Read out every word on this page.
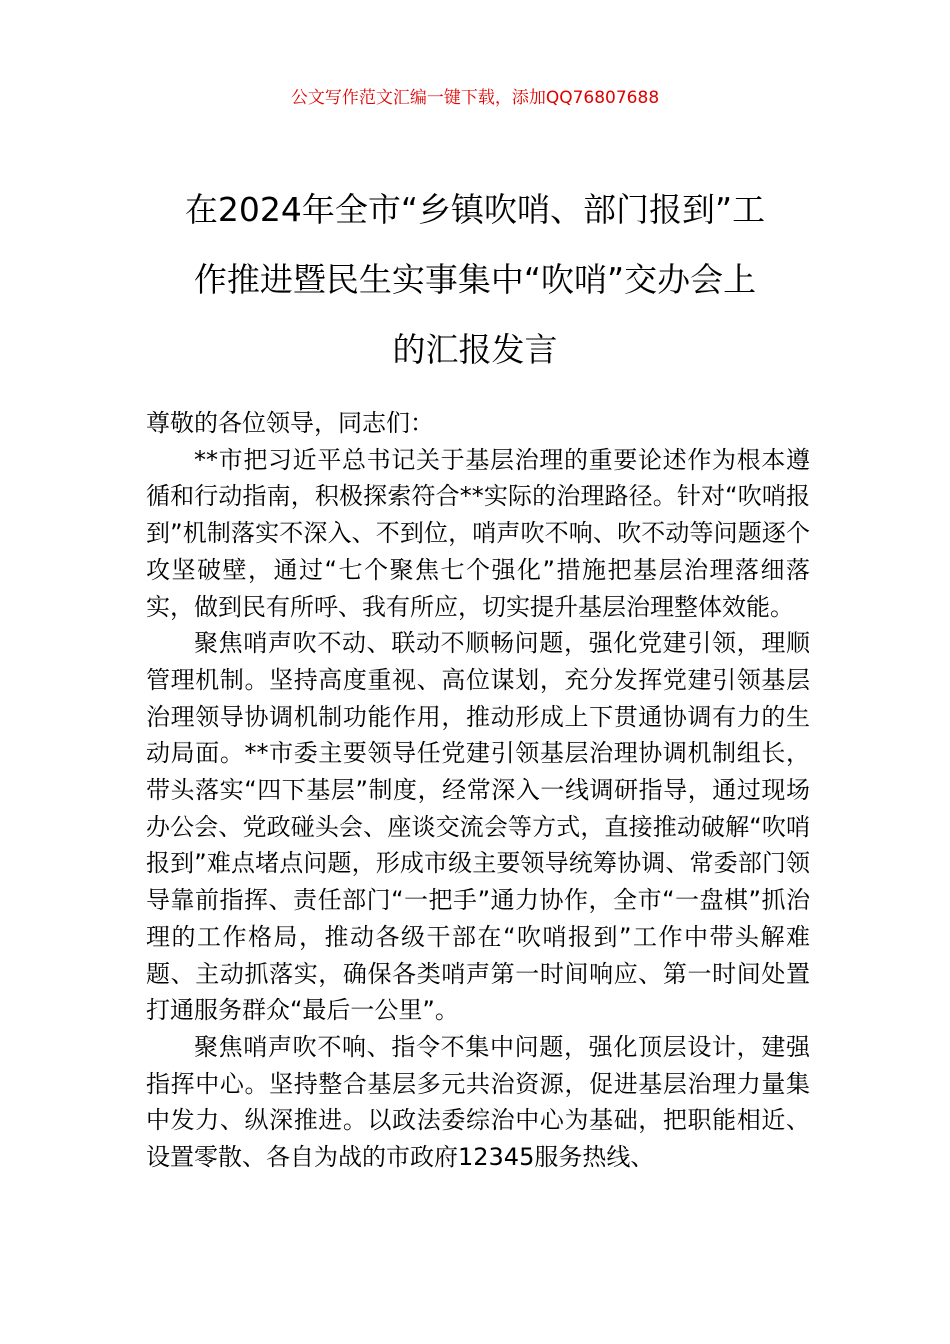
公文写作范文汇编一键下载，添加QQ76807688
在2024年全市“乡镇吹哨、部门报到”工
作推进暨民生实事集中“吹哨”交办会上
的汇报发言

尊敬的各位领导，同志们：

**市把习近平总书记关于基层治理的重要论述作为根本遵循和行动指南，积极探索符合**实际的治理路径。针对“吹哨报到”机制落实不深入、不到位，哨声吹不响、吹不动等问题逐个攻坚破壁，通过“七个聚焦七个强化”措施把基层治理落细落实，做到民有所呼、我有所应，切实提升基层治理整体效能。

聚焦哨声吹不动、联动不顺畅问题，强化党建引领，理顺管理机制。坚持高度重视、高位谋划，充分发挥党建引领基层治理领导协调机制功能作用，推动形成上下贯通协调有力的生动局面。**市委主要领导任党建引领基层治理协调机制组长，带头落实“四下基层”制度，经常深入一线调研指导，通过现场办公会、党政碰头会、座谈交流会等方式，直接推动破解“吹哨报到”难点堵点问题，形成市级主要领导统筹协调、常委部门领导靠前指挥、责任部门“一把手”通力协作，全市“一盘棋”抓治理的工作格局，推动各级干部在“吹哨报到”工作中带头解难题、主动抓落实，确保各类哨声第一时间响应、第一时间处置打通服务群众“最后一公里”。

聚焦哨声吹不响、指令不集中问题，强化顶层设计，建强指挥中心。坚持整合基层多元共治资源，促进基层治理力量集中发力、纵深推进。以政法委综治中心为基础，把职能相近、设置零散、各自为战的市政府12345服务热线、
